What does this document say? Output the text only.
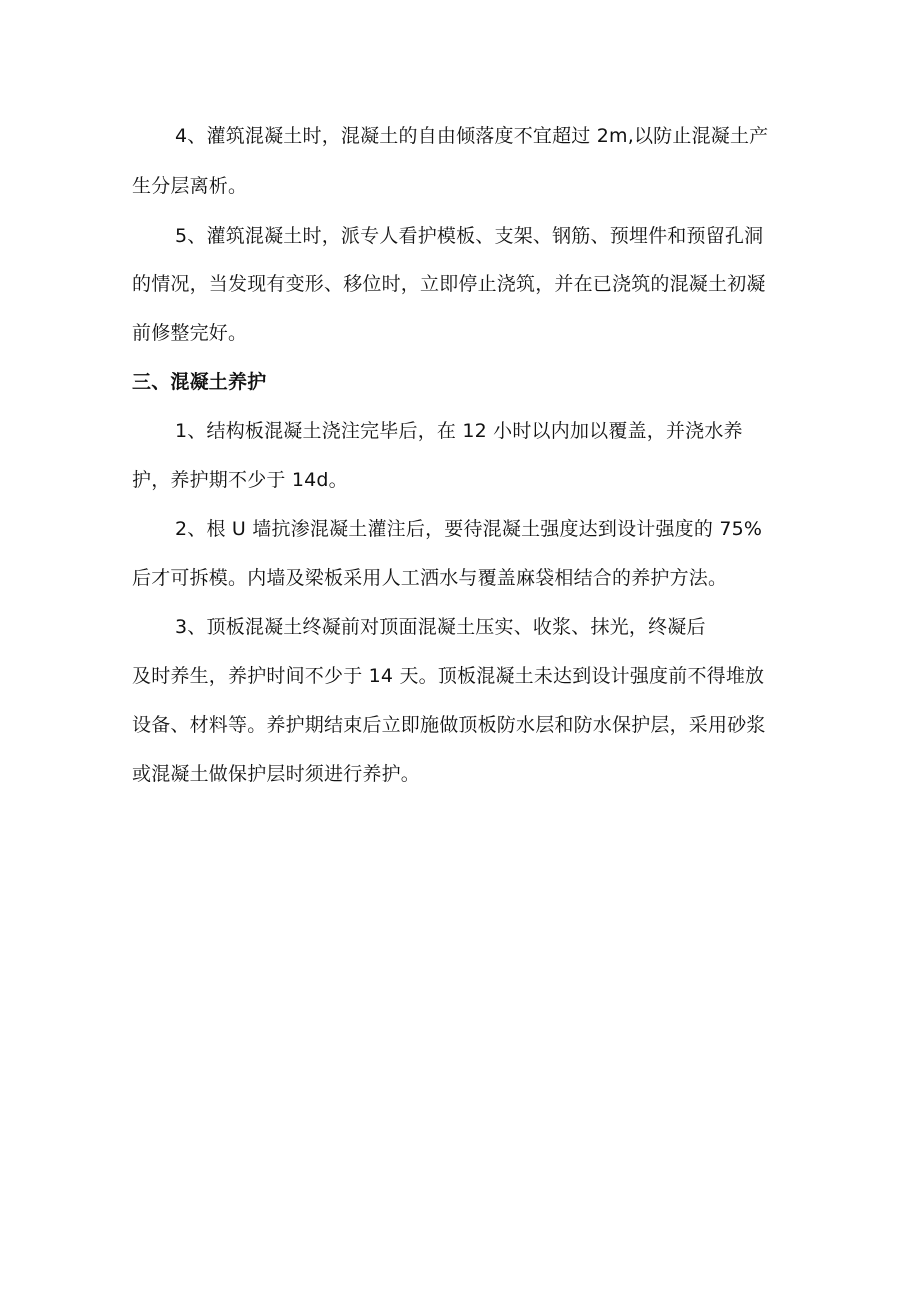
4、灌筑混凝土时，混凝土的自由倾落度不宜超过 2m,以防止混凝土产
生分层离析。
5、灌筑混凝土时，派专人看护模板、支架、钢筋、预埋件和预留孔洞
的情况，当发现有变形、移位时，立即停止浇筑，并在已浇筑的混凝土初凝
前修整完好。
三、混凝土养护
1、结构板混凝土浇注完毕后，在 12 小时以内加以覆盖，并浇水养
护，养护期不少于 14d。
2、根 U 墙抗渗混凝土灌注后，要待混凝土强度达到设计强度的 75%
后才可拆模。内墙及梁板采用人工洒水与覆盖麻袋相结合的养护方法。
3、顶板混凝土终凝前对顶面混凝土压实、收浆、抹光，终凝后
及时养生，养护时间不少于 14 天。顶板混凝土未达到设计强度前不得堆放
设备、材料等。养护期结束后立即施做顶板防水层和防水保护层，采用砂浆
或混凝土做保护层时须进行养护。
